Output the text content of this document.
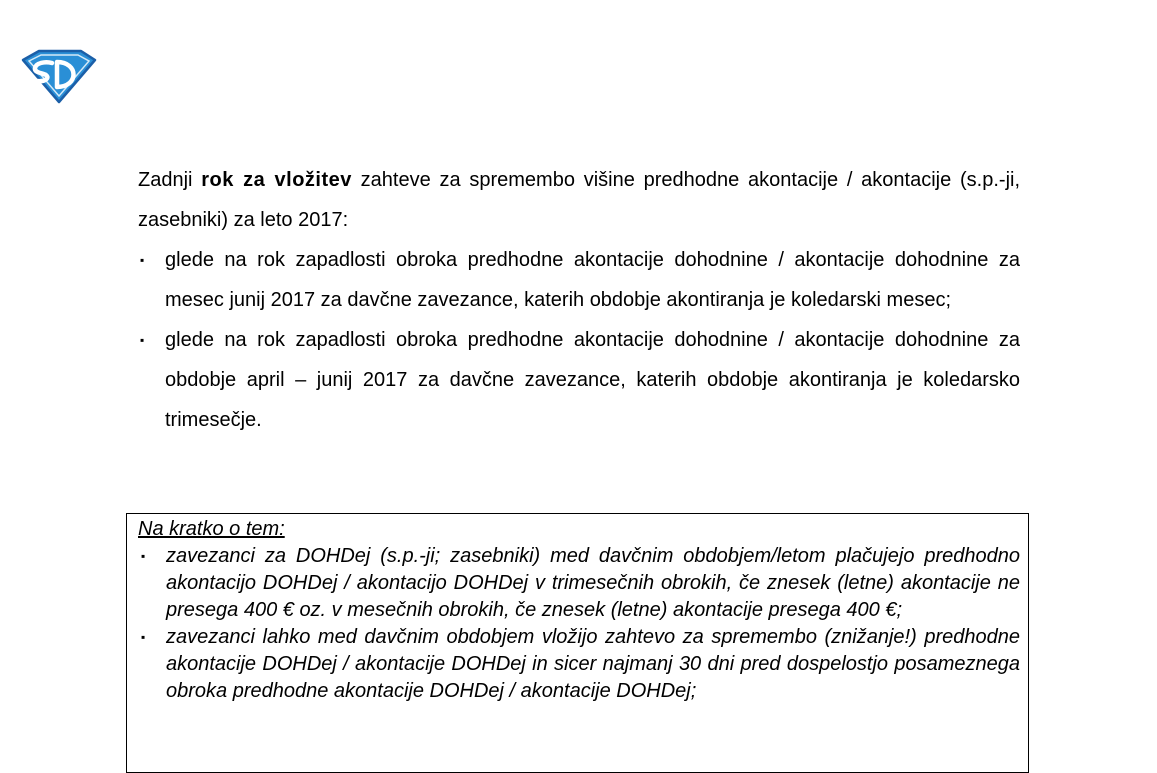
Zadnji rok za vložitev zahteve za spremembo višine predhodne akontacije / akontacije (s.p.-ji, zasebniki) za leto 2017:

▪ glede na rok zapadlosti obroka predhodne akontacije dohodnine / akontacije dohodnine za mesec junij 2017 za davčne zavezance, katerih obdobje akontiranja je koledarski mesec;
▪ glede na rok zapadlosti obroka predhodne akontacije dohodnine / akontacije dohodnine za obdobje april – junij 2017 za davčne zavezance, katerih obdobje akontiranja je koledarsko trimesečje.

Na kratko o tem:

▪ zavezanci za DOHDej (s.p.-ji; zasebniki) med davčnim obdobjem/letom plačujejo predhodno akontacijo DOHDej / akontacijo DOHDej v trimesečnih obrokih, če znesek (letne) akontacije ne presega 400 € oz. v mesečnih obrokih, če znesek (letne) akontacije presega 400 €;
▪ zavezanci lahko med davčnim obdobjem vložijo zahtevo za spremembo (znižanje!) predhodne akontacije DOHDej / akontacije DOHDej in sicer najmanj 30 dni pred dospelostjo posameznega obroka predhodne akontacije DOHDej / akontacije DOHDej;
